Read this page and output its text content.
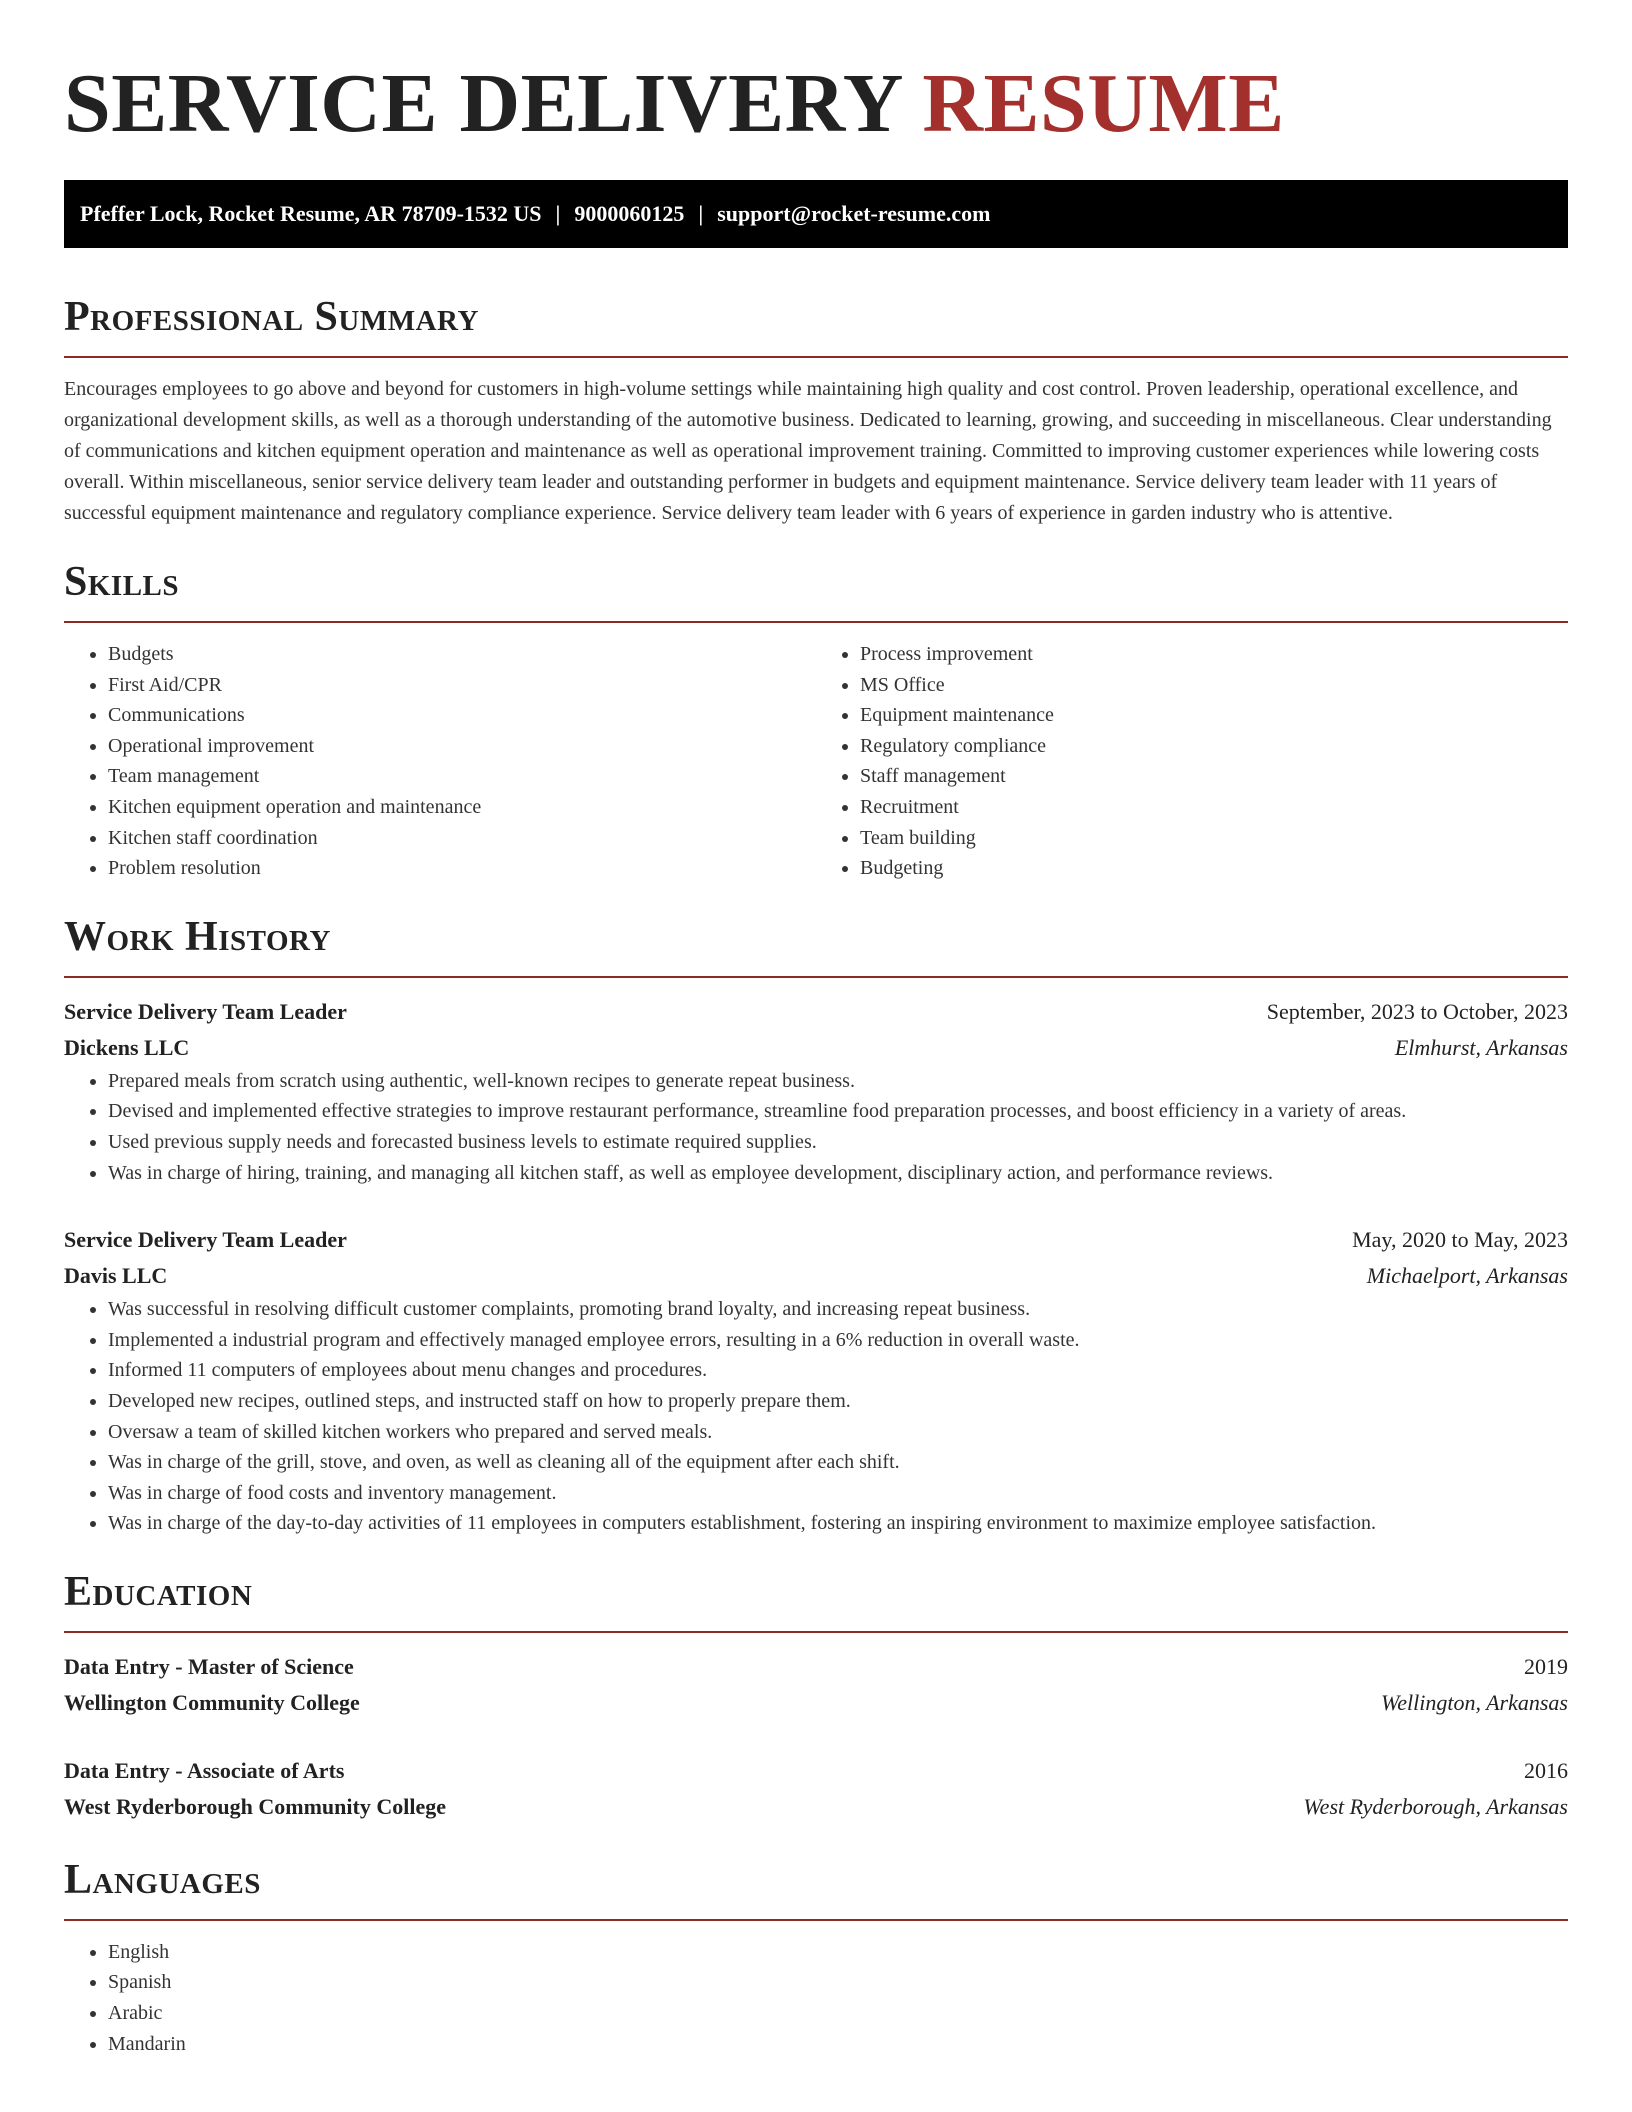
SERVICE DELIVERY RESUME
Pfeffer Lock, Rocket Resume, AR 78709-1532 US | 9000060125 | support@rocket-resume.com
Professional Summary

Encourages employees to go above and beyond for customers in high-volume settings while maintaining high quality and cost control. Proven leadership, operational excellence, and organizational development skills, as well as a thorough understanding of the automotive business. Dedicated to learning, growing, and succeeding in miscellaneous. Clear understanding of communications and kitchen equipment operation and maintenance as well as operational improvement training. Committed to improving customer experiences while lowering costs overall. Within miscellaneous, senior service delivery team leader and outstanding performer in budgets and equipment maintenance. Service delivery team leader with 11 years of successful equipment maintenance and regulatory compliance experience. Service delivery team leader with 6 years of experience in garden industry who is attentive.

Skills
• Budgets
• First Aid/CPR
• Communications
• Operational improvement
• Team management
• Kitchen equipment operation and maintenance
• Kitchen staff coordination
• Problem resolution
• Process improvement
• MS Office
• Equipment maintenance
• Regulatory compliance
• Staff management
• Recruitment
• Team building
• Budgeting
Work History
Service Delivery Team Leader	September, 2023 to October, 2023
Dickens LLC	Elmhurst, Arkansas
• Prepared meals from scratch using authentic, well-known recipes to generate repeat business.
• Devised and implemented effective strategies to improve restaurant performance, streamline food preparation processes, and boost efficiency in a variety of areas.
• Used previous supply needs and forecasted business levels to estimate required supplies.
• Was in charge of hiring, training, and managing all kitchen staff, as well as employee development, disciplinary action, and performance reviews.
Service Delivery Team Leader	May, 2020 to May, 2023
Davis LLC	Michaelport, Arkansas
• Was successful in resolving difficult customer complaints, promoting brand loyalty, and increasing repeat business.
• Implemented a industrial program and effectively managed employee errors, resulting in a 6% reduction in overall waste.
• Informed 11 computers of employees about menu changes and procedures.
• Developed new recipes, outlined steps, and instructed staff on how to properly prepare them.
• Oversaw a team of skilled kitchen workers who prepared and served meals.
• Was in charge of the grill, stove, and oven, as well as cleaning all of the equipment after each shift.
• Was in charge of food costs and inventory management.
• Was in charge of the day-to-day activities of 11 employees in computers establishment, fostering an inspiring environment to maximize employee satisfaction.
Education
Data Entry - Master of Science	2019
Wellington Community College	Wellington, Arkansas
Data Entry - Associate of Arts	2016
West Ryderborough Community College	West Ryderborough, Arkansas
Languages
• English
• Spanish
• Arabic
• Mandarin
